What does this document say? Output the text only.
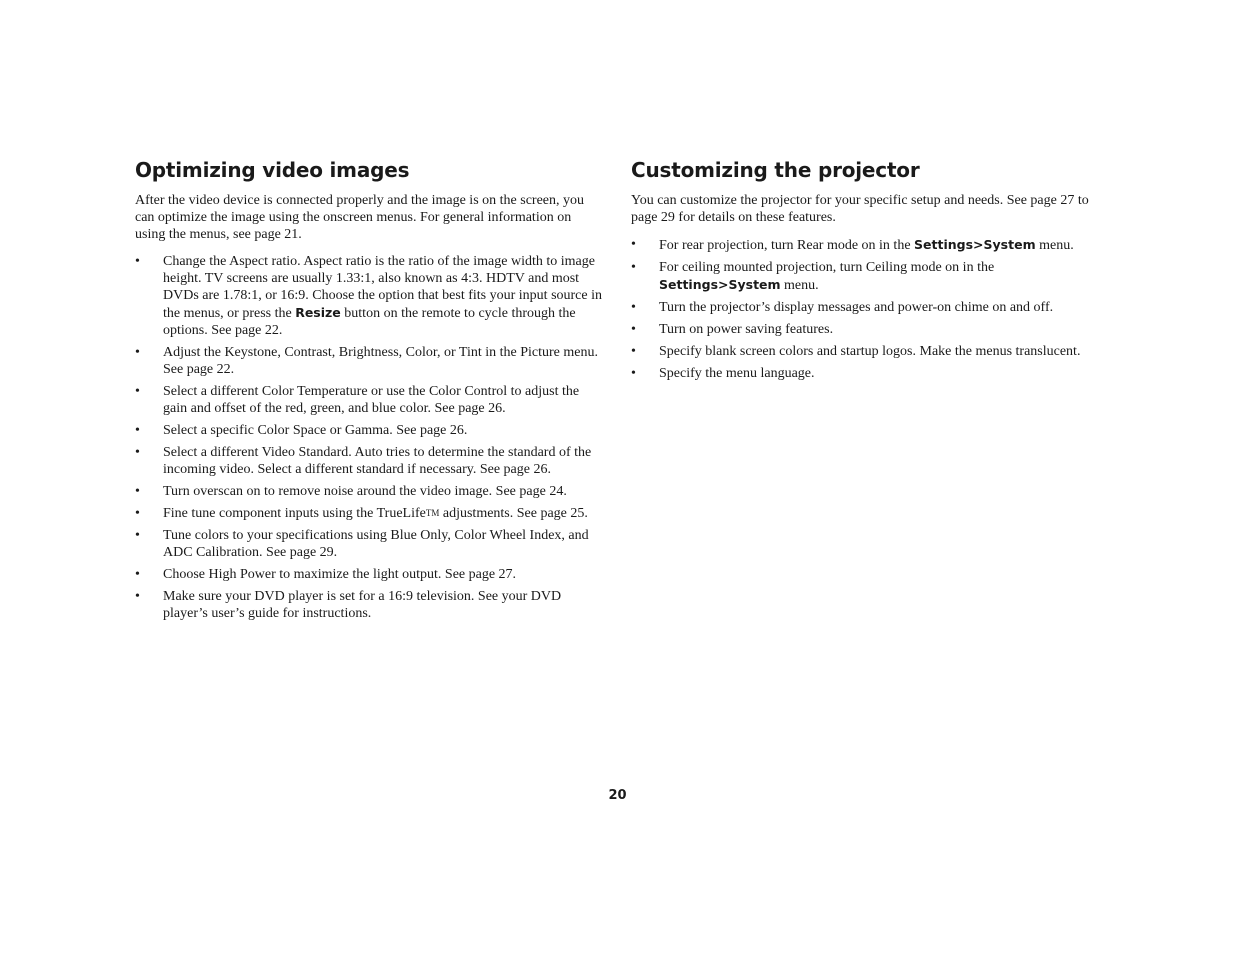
Optimizing video images

After the video device is connected properly and the image is on the screen, you can optimize the image using the onscreen menus. For general information on using the menus, see page 21.

• Change the Aspect ratio. Aspect ratio is the ratio of the image width to image height. TV screens are usually 1.33:1, also known as 4:3. HDTV and most DVDs are 1.78:1, or 16:9. Choose the option that best fits your input source in the menus, or press the Resize button on the remote to cycle through the options. See page 22.
• Adjust the Keystone, Contrast, Brightness, Color, or Tint in the Picture menu. See page 22.
• Select a different Color Temperature or use the Color Control to adjust the gain and offset of the red, green, and blue color. See page 26.
• Select a specific Color Space or Gamma. See page 26.
• Select a different Video Standard. Auto tries to determine the standard of the incoming video. Select a different standard if necessary. See page 26.
• Turn overscan on to remove noise around the video image. See page 24.
• Fine tune component inputs using the TrueLifeTM adjustments. See page 25.
• Tune colors to your specifications using Blue Only, Color Wheel Index, and ADC Calibration. See page 29.
• Choose High Power to maximize the light output. See page 27.
• Make sure your DVD player is set for a 16:9 television. See your DVD player’s user’s guide for instructions.
Customizing the projector

You can customize the projector for your specific setup and needs. See page 27 to page 29 for details on these features.

• For rear projection, turn Rear mode on in the Settings>System menu.
• For ceiling mounted projection, turn Ceiling mode on in the Settings>System menu.
• Turn the projector’s display messages and power-on chime on and off.
• Turn on power saving features.
• Specify blank screen colors and startup logos. Make the menus translucent.
• Specify the menu language.
20
